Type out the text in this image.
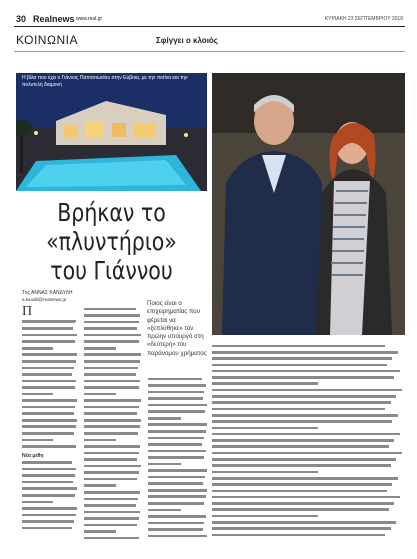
30 Realnews www.real.gr	ΚΥΡΙΑΚΗ 23 ΣΕΠΤΕΜΒΡΙΟΥ 2018
ΚΟΙΝΩΝΙΑ	Σφίγγει ο κλοιός
Η βίλα που έχει ο Γιάννος Παπαντωνίου στην Εύβοια, με την πισίνα και την πολυτελή διαμονή
Βρήκαν το
«πλυντήριο»
του Γιάννου
Της ΑΝΝΑΣ ΚΑΝΔΥΛΗ
a.kandili@realnews.gr
Ποιος είναι ο επιχειρηματίας που φέρεται να «ξεπλύθηκε» τον πρώην υπουργό στη «δεύτερη» του παράνομου χρήματος
Π
Νέα μέθη
